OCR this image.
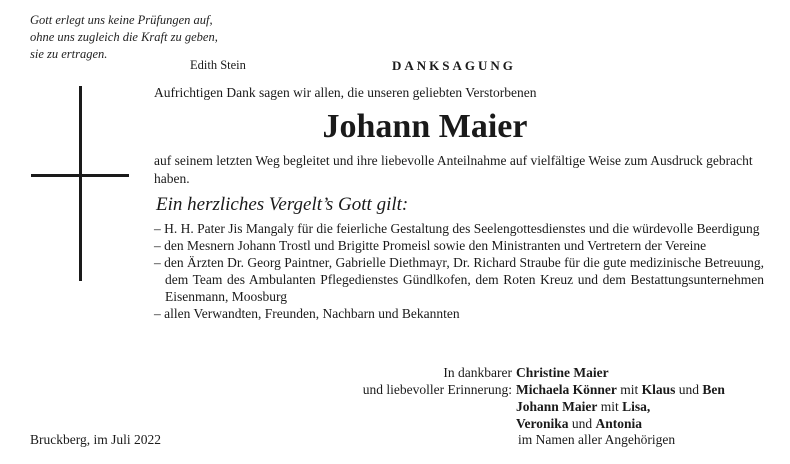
Gott erlegt uns keine Prüfungen auf,
ohne uns zugleich die Kraft zu geben,
sie zu ertragen.
Edith Stein	DANKSAGUNG
Aufrichtigen Dank sagen wir allen, die unseren geliebten Verstorbenen
Johann Maier
auf seinem letzten Weg begleitet und ihre liebevolle Anteilnahme auf vielfältige Weise zum Ausdruck gebracht haben.
Ein herzliches Vergelt’s Gott gilt:
– H. H. Pater Jis Mangaly für die feierliche Gestaltung des Seelengottesdienstes und die würdevolle Beerdigung
– den Mesnern Johann Trostl und Brigitte Promeisl sowie den Ministranten und Vertretern der Vereine
– den Ärzten Dr. Georg Paintner, Gabrielle Diethmayr, Dr. Richard Straube für die gute medizinische Betreuung, dem Team des Ambulanten Pflegedienstes Gündlkofen, dem Roten Kreuz und dem Bestattungsunternehmen Eisenmann, Moosburg
– allen Verwandten, Freunden, Nachbarn und Bekannten
In dankbarer
und liebevoller Erinnerung:
Christine Maier
Michaela Könner mit Klaus und Ben
Johann Maier mit Lisa,
Veronika und Antonia
Bruckberg, im Juli 2022	im Namen aller Angehörigen
